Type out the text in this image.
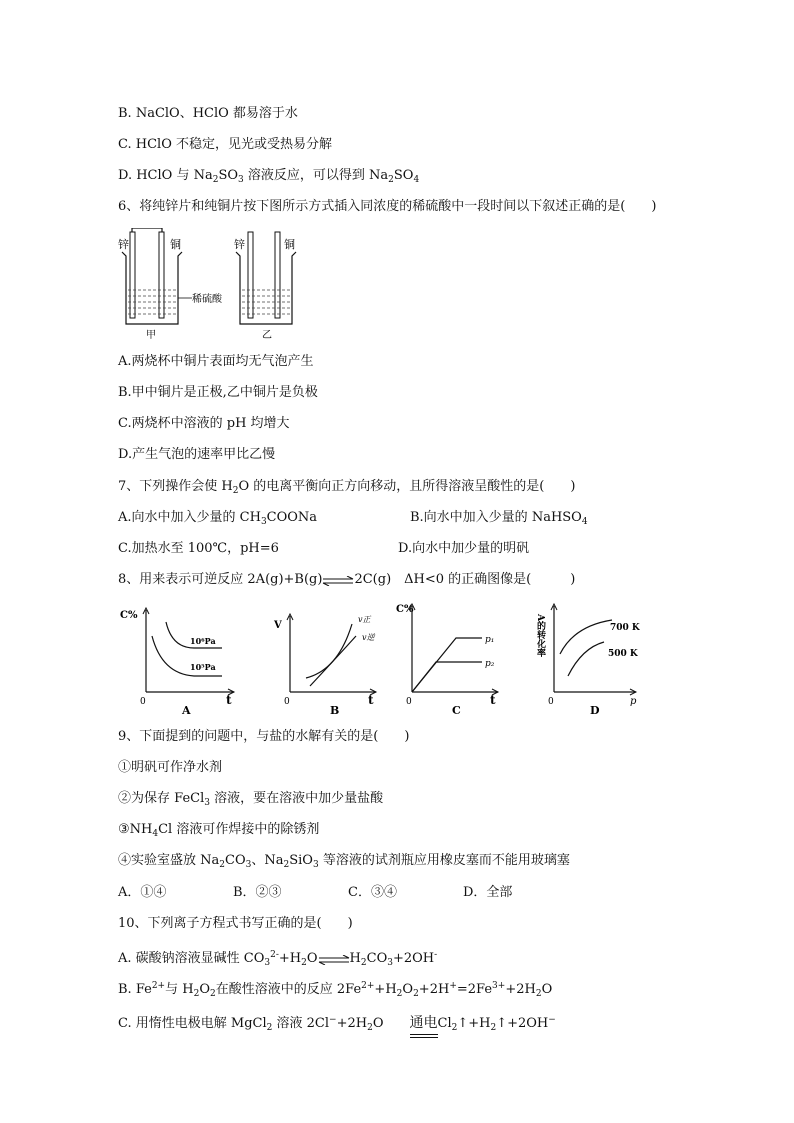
B. NaClO、HClO 都易溶于水
C. HClO 不稳定，见光或受热易分解
D. HClO 与 $Na_2SO_3$ 溶液反应，可以得到 $Na_2SO_4$
6、将纯锌片和纯铜片按下图所示方式插入同浓度的稀硫酸中一段时间以下叙述正确的是(　　)
锌	铜
甲
稀硫酸
锌	铜
乙
A.两烧杯中铜片表面均无气泡产生
B.甲中铜片是正极,乙中铜片是负极
C.两烧杯中溶液的 pH 均增大
D.产生气泡的速率甲比乙慢
7、下列操作会使 $H_2O$ 的电离平衡向正方向移动，且所得溶液呈酸性的是(　　)
A.向水中加入少量的 $CH_3COONa$	B.向水中加入少量的 NaHSO$_4$
C.加热水至 100℃，pH=6	D.向水中加少量的明矾
8、用来表示可逆反应 2A(g)+B(g)⇌2C(g)　ΔH<0 的正确图像是(　　　)
C%
t
0
10⁶Pa
10⁵Pa
A
V
t
0
v正
v逆
B
C%
t
0
p₁
p₂
C
A的转化率
p
0
700 K
500 K
D
9、下面提到的问题中，与盐的水解有关的是(　　)
①明矾可作净水剂
②为保存 FeCl$_3$ 溶液，要在溶液中加少量盐酸
$③NH_4Cl$ 溶液可作焊接中的除锈剂
④实验室盛放 $Na_2CO_3$、$Na_2SiO_3$ 等溶液的试剂瓶应用橡皮塞而不能用玻璃塞
A．①④	B．②③	C．③④	D．全部
10、下列离子方程式书写正确的是(　　)
A. 碳酸钠溶液显碱性 $CO_3^{2-}+H_2O\rightleftharpoons H_2CO_3+2OH^-$
B. $Fe^{2+}$与 $H_2O_2$在酸性溶液中的反应 $2Fe^{2+}+H_2O_2+2H^+=2Fe^{3+}+2H_2O$
C. 用惰性电极电解 MgCl$_2$ 溶液 $2Cl^-+2H_2O$　　 通电
$Cl_2↑+H_2↑+2OH^-$
